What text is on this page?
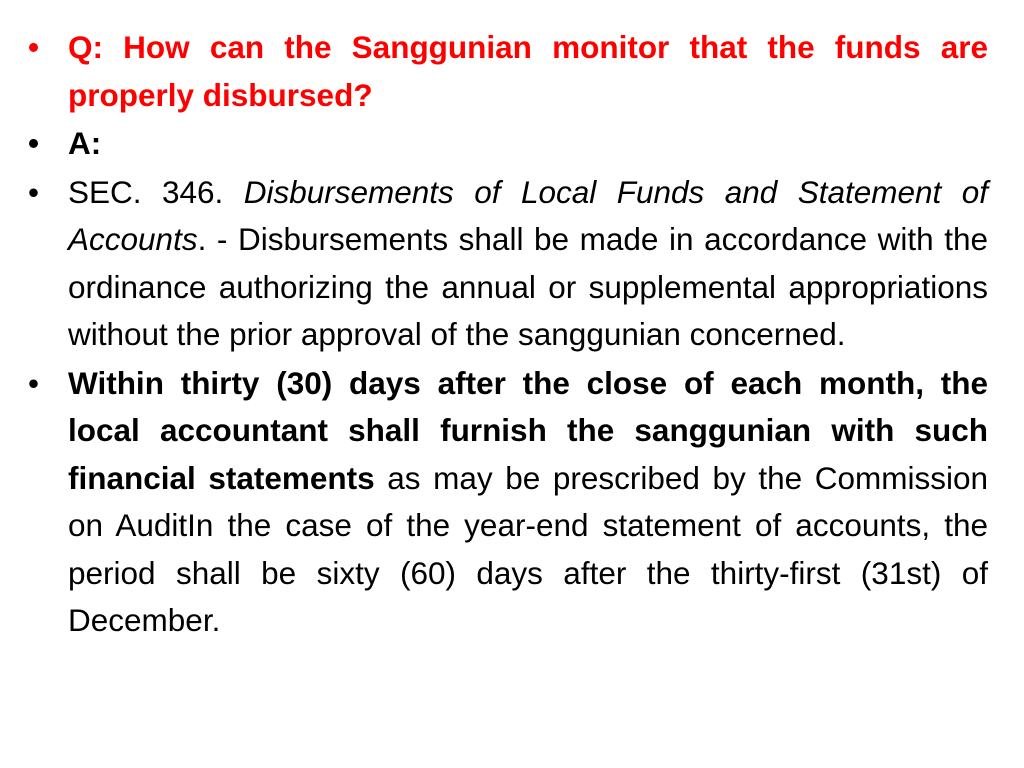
• Q: How can the Sanggunian monitor that the funds are properly disbursed?
• A:
• SEC. 346. Disbursements of Local Funds and Statement of Accounts. - Disbursements shall be made in accordance with the ordinance authorizing the annual or supplemental appropriations without the prior approval of the sanggunian concerned.
• Within thirty (30) days after the close of each month, the local accountant shall furnish the sanggunian with such financial statements as may be prescribed by the Commission on AuditIn the case of the year-end statement of accounts, the period shall be sixty (60) days after the thirty-first (31st) of December.
